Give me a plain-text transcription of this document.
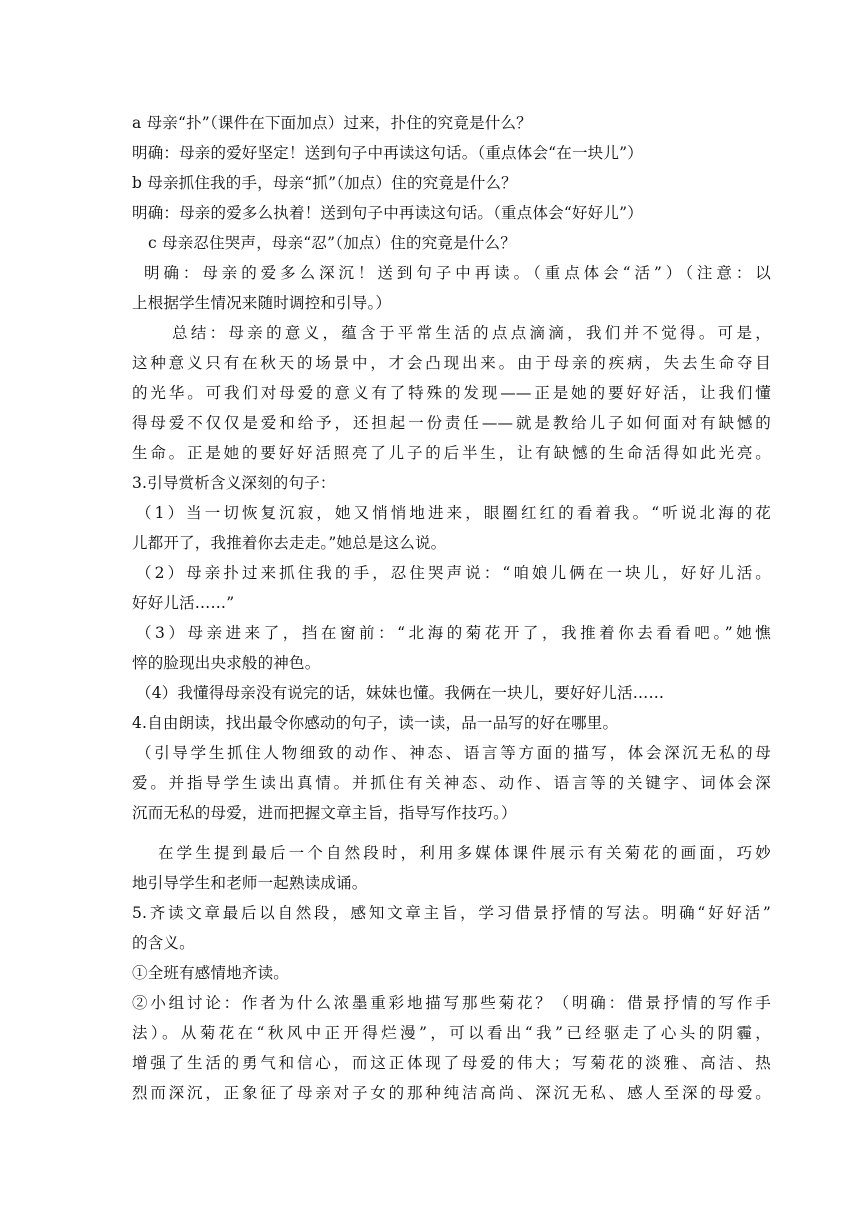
a 母亲“扑”（课件在下面加点）过来，扑住的究竟是什么？
明确：母亲的爱好坚定！送到句子中再读这句话。（重点体会“在一块儿”）
b 母亲抓住我的手，母亲“抓”（加点）住的究竟是什么？
明确：母亲的爱多么执着！送到句子中再读这句话。（重点体会“好好儿”）
c 母亲忍住哭声，母亲“忍”（加点）住的究竟是什么？
明确：母亲的爱多么深沉！送到句子中再读。（重点体会“活”）（注意：以
上根据学生情况来随时调控和引导。）
总结：母亲的意义，蕴含于平常生活的点点滴滴，我们并不觉得。可是，
这种意义只有在秋天的场景中，才会凸现出来。由于母亲的疾病，失去生命夺目
的光华。可我们对母爱的意义有了特殊的发现——正是她的要好好活，让我们懂
得母爱不仅仅是爱和给予，还担起一份责任——就是教给儿子如何面对有缺憾的
生命。正是她的要好好活照亮了儿子的后半生，让有缺憾的生命活得如此光亮。
3.引导赏析含义深刻的句子：
（1）当一切恢复沉寂，她又悄悄地进来，眼圈红红的看着我。“听说北海的花
儿都开了，我推着你去走走。”她总是这么说。
（2）母亲扑过来抓住我的手，忍住哭声说：“咱娘儿俩在一块儿，好好儿活。
好好儿活……”
（3）母亲进来了，挡在窗前：“北海的菊花开了，我推着你去看看吧。”她憔
悴的脸现出央求般的神色。
（4）我懂得母亲没有说完的话，妹妹也懂。我俩在一块儿，要好好儿活……
4.自由朗读，找出最令你感动的句子，读一读，品一品写的好在哪里。
（引导学生抓住人物细致的动作、神态、语言等方面的描写，体会深沉无私的母
爱。并指导学生读出真情。并抓住有关神态、动作、语言等的关键字、词体会深
沉而无私的母爱，进而把握文章主旨，指导写作技巧。）
在学生提到最后一个自然段时，利用多媒体课件展示有关菊花的画面，巧妙
地引导学生和老师一起熟读成诵。
5.齐读文章最后以自然段，感知文章主旨，学习借景抒情的写法。明确“好好活”
的含义。
①全班有感情地齐读。
②小组讨论：作者为什么浓墨重彩地描写那些菊花？（明确：借景抒情的写作手
法）。从菊花在“秋风中正开得烂漫”，可以看出“我”已经驱走了心头的阴霾，
增强了生活的勇气和信心，而这正体现了母爱的伟大；写菊花的淡雅、高洁、热
烈而深沉，正象征了母亲对子女的那种纯洁高尚、深沉无私、感人至深的母爱。
